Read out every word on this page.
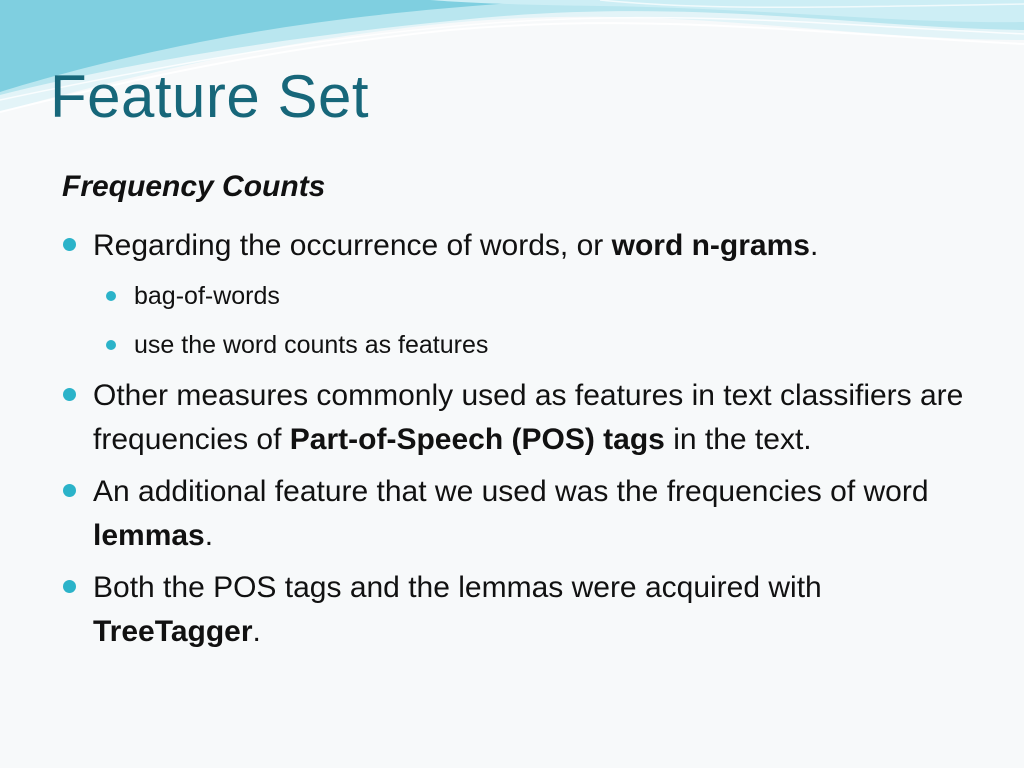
Feature Set
Frequency Counts
Regarding the occurrence of words, or word n-grams.
bag-of-words
use the word counts as features
Other measures commonly used as features in text classifiers are frequencies of Part-of-Speech (POS) tags in the text.
An additional feature that we used was the frequencies of word lemmas.
Both the POS tags and the lemmas were acquired with TreeTagger.
